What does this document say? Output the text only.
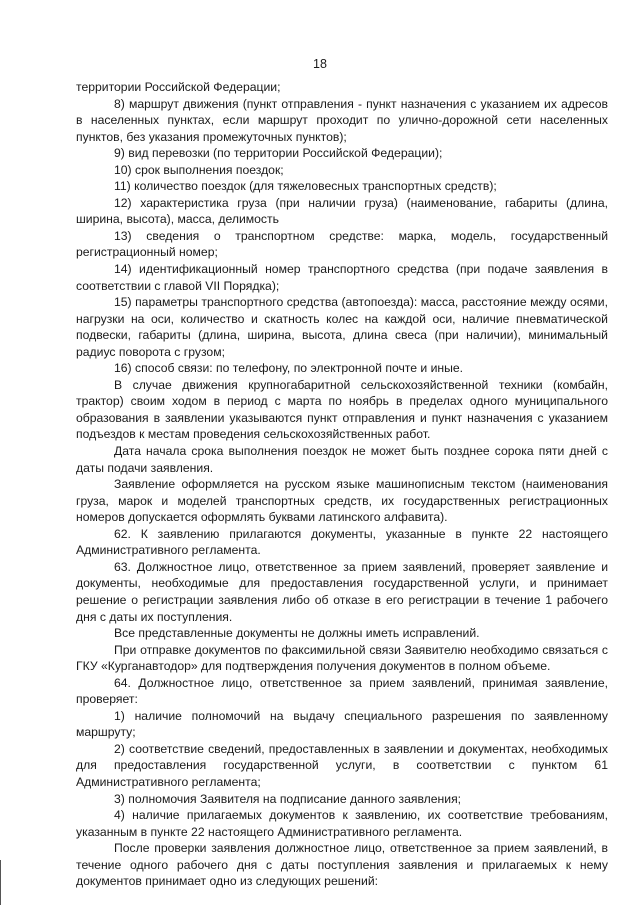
18

территории Российской Федерации;

8) маршрут движения (пункт отправления - пункт назначения с указанием их адресов в населенных пунктах, если маршрут проходит по улично-дорожной сети населенных пунктов, без указания промежуточных пунктов);

9) вид перевозки (по территории Российской Федерации);

10) срок выполнения поездок;

11) количество поездок (для тяжеловесных транспортных средств);

12) характеристика груза (при наличии груза) (наименование, габариты (длина, ширина, высота), масса, делимость

13) сведения о транспортном средстве: марка, модель, государственный регистрационный номер;

14) идентификационный номер транспортного средства (при подаче заявления в соответствии с главой VII Порядка);

15) параметры транспортного средства (автопоезда): масса, расстояние между осями, нагрузки на оси, количество и скатность колес на каждой оси, наличие пневматической подвески, габариты (длина, ширина, высота, длина свеса (при наличии), минимальный радиус поворота с грузом;

16) способ связи: по телефону, по электронной почте и иные.

В случае движения крупногабаритной сельскохозяйственной техники (комбайн, трактор) своим ходом в период с марта по ноябрь в пределах одного муниципального образования в заявлении указываются пункт отправления и пункт назначения с указанием подъездов к местам проведения сельскохозяйственных работ.

Дата начала срока выполнения поездок не может быть позднее сорока пяти дней с даты подачи заявления.

Заявление оформляется на русском языке машинописным текстом (наименования груза, марок и моделей транспортных средств, их государственных регистрационных номеров допускается оформлять буквами латинского алфавита).

62. К заявлению прилагаются документы, указанные в пункте 22 настоящего Административного регламента.

63. Должностное лицо, ответственное за прием заявлений, проверяет заявление и документы, необходимые для предоставления государственной услуги, и принимает решение о регистрации заявления либо об отказе в его регистрации в течение 1 рабочего дня с даты их поступления.

Все представленные документы не должны иметь исправлений.

При отправке документов по факсимильной связи Заявителю необходимо связаться с ГКУ «Курганавтодор» для подтверждения получения документов в полном объеме.

64. Должностное лицо, ответственное за прием заявлений, принимая заявление, проверяет:

1) наличие полномочий на выдачу специального разрешения по заявленному маршруту;

2) соответствие сведений, предоставленных в заявлении и документах, необходимых для предоставления государственной услуги, в соответствии с пунктом 61 Административного регламента;

3) полномочия Заявителя на подписание данного заявления;

4) наличие прилагаемых документов к заявлению, их соответствие требованиям, указанным в пункте 22 настоящего Административного регламента.

После проверки заявления должностное лицо, ответственное за прием заявлений, в течение одного рабочего дня с даты поступления заявления и прилагаемых к нему документов принимает одно из следующих решений:
